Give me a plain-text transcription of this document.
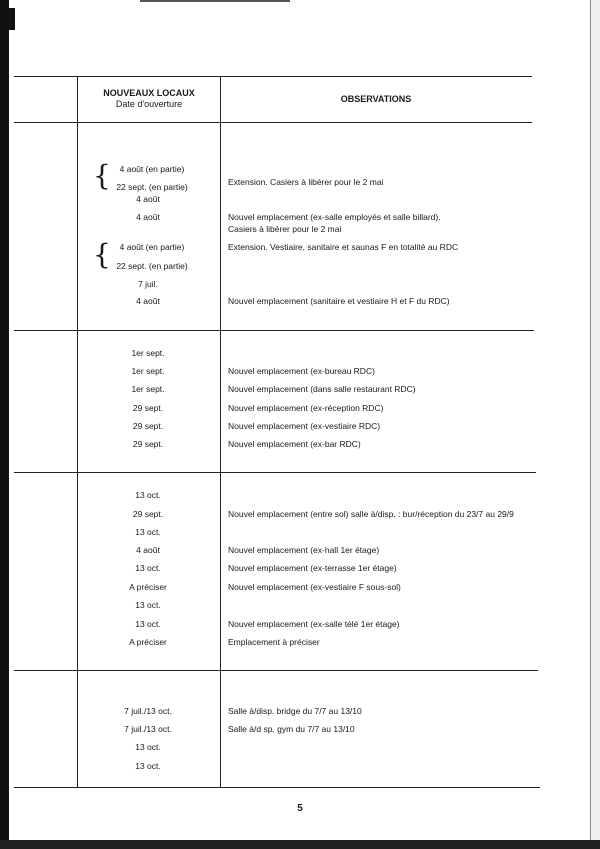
NOUVEAUX LOCAUX
Date d'ouverture	OBSERVATIONS
{
{
4 août (en partie)
22 sept. (en partie)	Extension. Casiers à libérer pour le 2 mai
4 août
4 août	Nouvel emplacement (ex-salle employés et salle billard).
Casiers à libérer pour le 2 mai
4 août (en partie)	Extension. Vestiaire, sanitaire et saunas F en totalité au RDC
22 sept. (en partie)
7 juil.
4 août	Nouvel emplacement (sanitaire et vestiaire H et F du RDC)
1er sept.
1er sept.	Nouvel emplacement (ex-bureau RDC)
1er sept.	Nouvel emplacement (dans salle restaurant RDC)
29 sept.	Nouvel emplacement (ex-réception RDC)
29 sept.	Nouvel emplacement (ex-vestiaire RDC)
29 sept.	Nouvel emplacement (ex-bar RDC)
13 oct.
29 sept.	Nouvel emplacement (entre sol) salle à/disp. : bur/réception du 23/7 au 29/9
13 oct.
4 août	Nouvel emplacement (ex-hall 1er étage)
13 oct.	Nouvel emplacement (ex-terrasse 1er étage)
A préciser	Nouvel emplacement (ex-vestiaire F sous-sol)
13 oct.
13 oct.	Nouvel emplacement (ex-salle télé 1er étage)
A préciser	Emplacement à préciser
7 juil./13 oct.	Salle à/disp. bridge du 7/7 au 13/10
7 juil./13 oct.	Salle à/d sp. gym du 7/7 au 13/10
13 oct.
13 oct.
5
